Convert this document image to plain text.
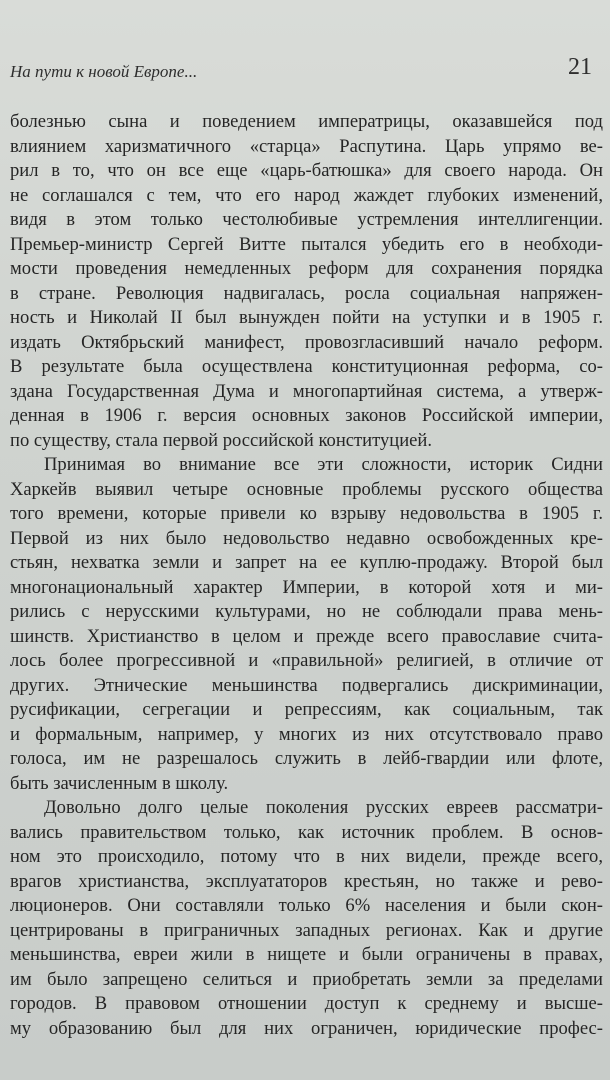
На пути к новой Европе...	21

болезнью сына и поведением императрицы, оказавшейся под
влиянием харизматичного «старца» Распутина. Царь упрямо ве-
рил в то, что он все еще «царь-батюшка» для своего народа. Он
не соглашался с тем, что его народ жаждет глубоких изменений,
видя в этом только честолюбивые устремления интеллигенции.
Премьер-министр Сергей Витте пытался убедить его в необходи-
мости проведения немедленных реформ для сохранения порядка
в стране. Революция надвигалась, росла социальная напряжен-
ность и Николай II был вынужден пойти на уступки и в 1905 г.
издать Октябрьский манифест, провозгласивший начало реформ.
В результате была осуществлена конституционная реформа, со-
здана Государственная Дума и многопартийная система, а утверж-
денная в 1906 г. версия основных законов Российской империи,
по существу, стала первой российской конституцией.

Принимая во внимание все эти сложности, историк Сидни
Харкейв выявил четыре основные проблемы русского общества
того времени, которые привели ко взрыву недовольства в 1905 г.
Первой из них было недовольство недавно освобожденных кре-
стьян, нехватка земли и запрет на ее куплю-продажу. Второй был
многонациональный характер Империи, в которой хотя и ми-
рились с нерусскими культурами, но не соблюдали права мень-
шинств. Христианство в целом и прежде всего православие счита-
лось более прогрессивной и «правильной» религией, в отличие от
других. Этнические меньшинства подвергались дискриминации,
русификации, сегрегации и репрессиям, как социальным, так
и формальным, например, у многих из них отсутствовало право
голоса, им не разрешалось служить в лейб-гвардии или флоте,
быть зачисленным в школу.

Довольно долго целые поколения русских евреев рассматри-
вались правительством только, как источник проблем. В основ-
ном это происходило, потому что в них видели, прежде всего,
врагов христианства, эксплуататоров крестьян, но также и рево-
люционеров. Они составляли только 6% населения и были скон-
центрированы в приграничных западных регионах. Как и другие
меньшинства, евреи жили в нищете и были ограничены в правах,
им было запрещено селиться и приобретать земли за пределами
городов. В правовом отношении доступ к среднему и высше-
му образованию был для них ограничен, юридические профес-
